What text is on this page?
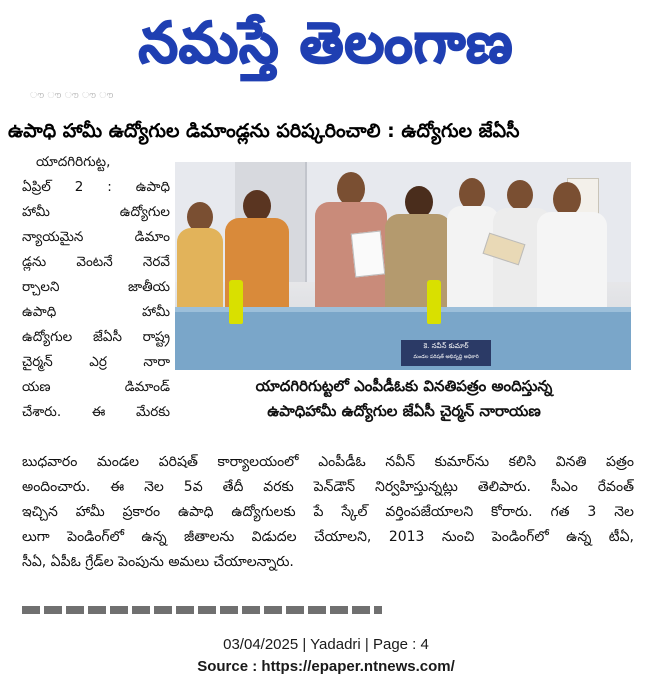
నమస్తే తెలంగాణ
ൗ ൗ ൗ ൗ ൗ
ఉపాధి హామీ ఉద్యోగుల డిమాండ్లను పరిష్కరించాలి : ఉద్యోగుల జేఏసీ
యాదగిరిగుట్ట,
ఏప్రిల్ 2 : ఉపాధి
హామీ ఉద్యోగుల
న్యాయమైన డిమాం
డ్లను వెంటనే నెరవే
ర్చాలని జాతీయ
ఉపాధి హామీ
ఉద్యోగుల జేఏసీ రాష్ట్ర
చైర్మన్ ఎర్ర నారా
యణ డిమాండ్
చేశారు. ఈ మేరకు
కె. నవీన్ కుమార్
మండల పరిషత్ అభివృద్ధి అధికారి
యాదగిరిగుట్టలో ఎంపీడీఓకు వినతిపత్రం అందిస్తున్న
ఉపాధిహామీ ఉద్యోగుల జేఏసీ చైర్మన్ నారాయణ
బుధవారం మండల పరిషత్ కార్యాలయంలో ఎంపీడీఓ నవీన్ కుమార్‌ను కలిసి వినతి పత్రం
అందించారు. ఈ నెల 5వ తేదీ వరకు పెన్‌డౌన్ నిర్వహిస్తున్నట్లు తెలిపారు. సీఎం రేవంత్
ఇచ్చిన హామీ ప్రకారం ఉపాధి ఉద్యోగులకు పే స్కేల్ వర్తింపజేయాలని కోరారు. గత 3 నెల
లుగా పెండింగ్‌లో ఉన్న జీతాలను విడుదల చేయాలని, 2013 నుంచి పెండింగ్‌లో ఉన్న టీఏ,
సీఏ, ఏపీఓ గ్రేడ్‌ల పెంపును అమలు చేయాలన్నారు.
03/04/2025 | Yadadri | Page : 4
Source : https://epaper.ntnews.com/
